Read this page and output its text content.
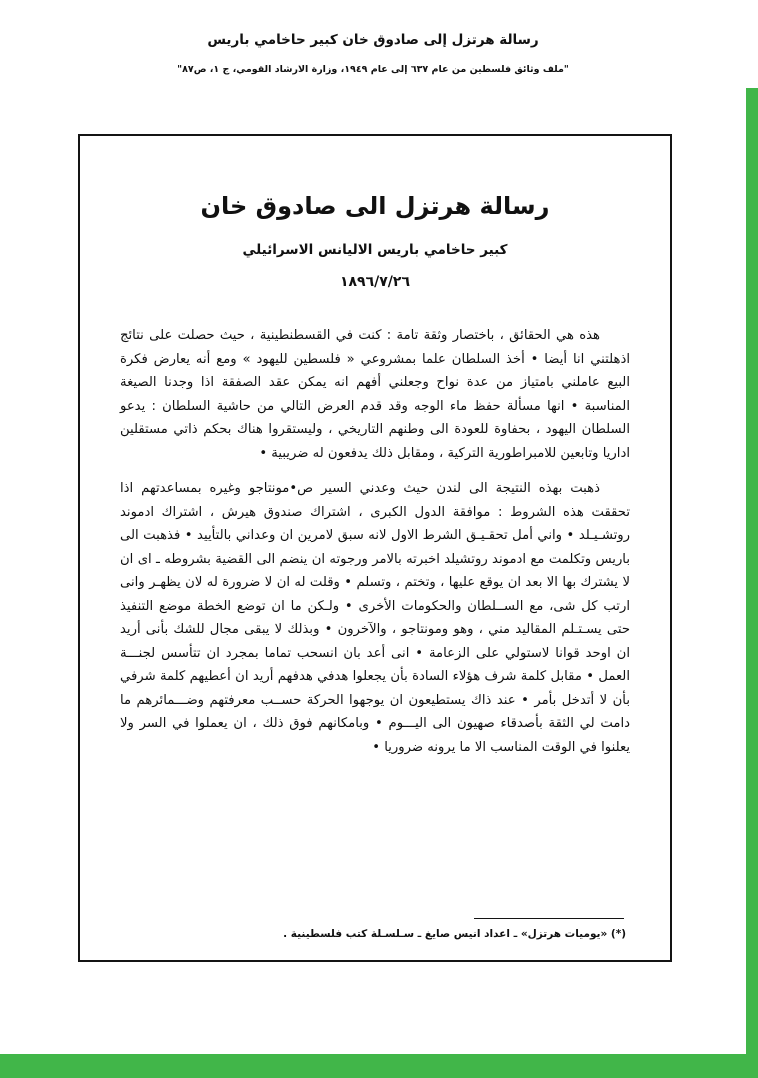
رسالة هرتزل إلى صادوق خان كبير حاخامي باريس
"ملف وثائق فلسطين من عام ٦٣٧ إلى عام ١٩٤٩، وزارة الارشاد القومي، ج ١، ص٨٧"
رسالة هرتزل الى صادوق خان
كبير حاخامي باريس الاليانس الاسرائيلي
١٨٩٦/٧/٢٦

هذه هي الحقائق ، باختصار وثقة تامة : كنت في القسطنطينية ، حيث حصلت على نتائج اذهلتني انا أيضا • أخذ السلطان علما بمشروعي « فلسطين لليهود » ومع أنه يعارض فكرة البيع عاملني بامتياز من عدة نواح وجعلني أفهم انه يمكن عقد الصفقة اذا وجدنا الصيغة المناسبة • انها مسألة حفظ ماء الوجه وقد قدم العرض التالي من حاشية السلطان : يدعو السلطان اليهود ، بحفاوة للعودة الى وطنهم التاريخي ، وليستقروا هناك بحكم ذاتي مستقلين اداريا وتابعين للامبراطورية التركية ، ومقابل ذلك يدفعون له ضريبية •

ذهبت بهذه النتيجة الى لندن حيث وعدني السير ص•مونتاجو وغيره بمساعدتهم اذا تحققت هذه الشروط : موافقة الدول الكبرى ، اشتراك صندوق هيرش ، اشتراك ادموند روتشـيـلد • واني أمل تحقـيـق الشرط الاول لانه سبق لامرين ان وعداني بالتأييد • فذهبت الى باريس وتكلمت مع ادموند روتشيلد اخبرته بالامر ورجوته ان ينضم الى القضية بشروطه ـ اى ان لا يشترك بها الا بعد ان يوقع عليها ، وتختم ، وتسلم • وقلت له ان لا ضرورة له لان يظهـر وانى ارتب كل شى، مع الســلطان والحكومات الأخرى • ولـكن ما ان توضع الخطة موضع التنفيذ حتى يسـتـلم المقاليد مني ، وهو ومونتاجو ، والآخرون • وبذلك لا يبقى مجال للشك بأنى أريد ان اوحد قوانا لاستولي على الزعامة • انى أعد بان انسحب تماما بمجرد ان تتأسس لجنـــة العمل • مقابل كلمة شرف هؤلاء السادة بأن يجعلوا هدفي هدفهم أريد ان أعطيهم كلمة شرفي بأن لا أتدخل بأمر • عند ذاك يستطيعون ان يوجهوا الحركة حســب معرفتهم وضـــمائرهم ما دامت لي الثقة بأصدقاء صهيون الى اليـــوم • وبامكانهم فوق ذلك ، ان يعملوا في السر ولا يعلنوا في الوقت المناسب الا ما يرونه ضروريا •

(*) «يوميات هرتزل» ـ اعداد انيس صايغ ـ سـلسـلة كتب فلسطينية .
